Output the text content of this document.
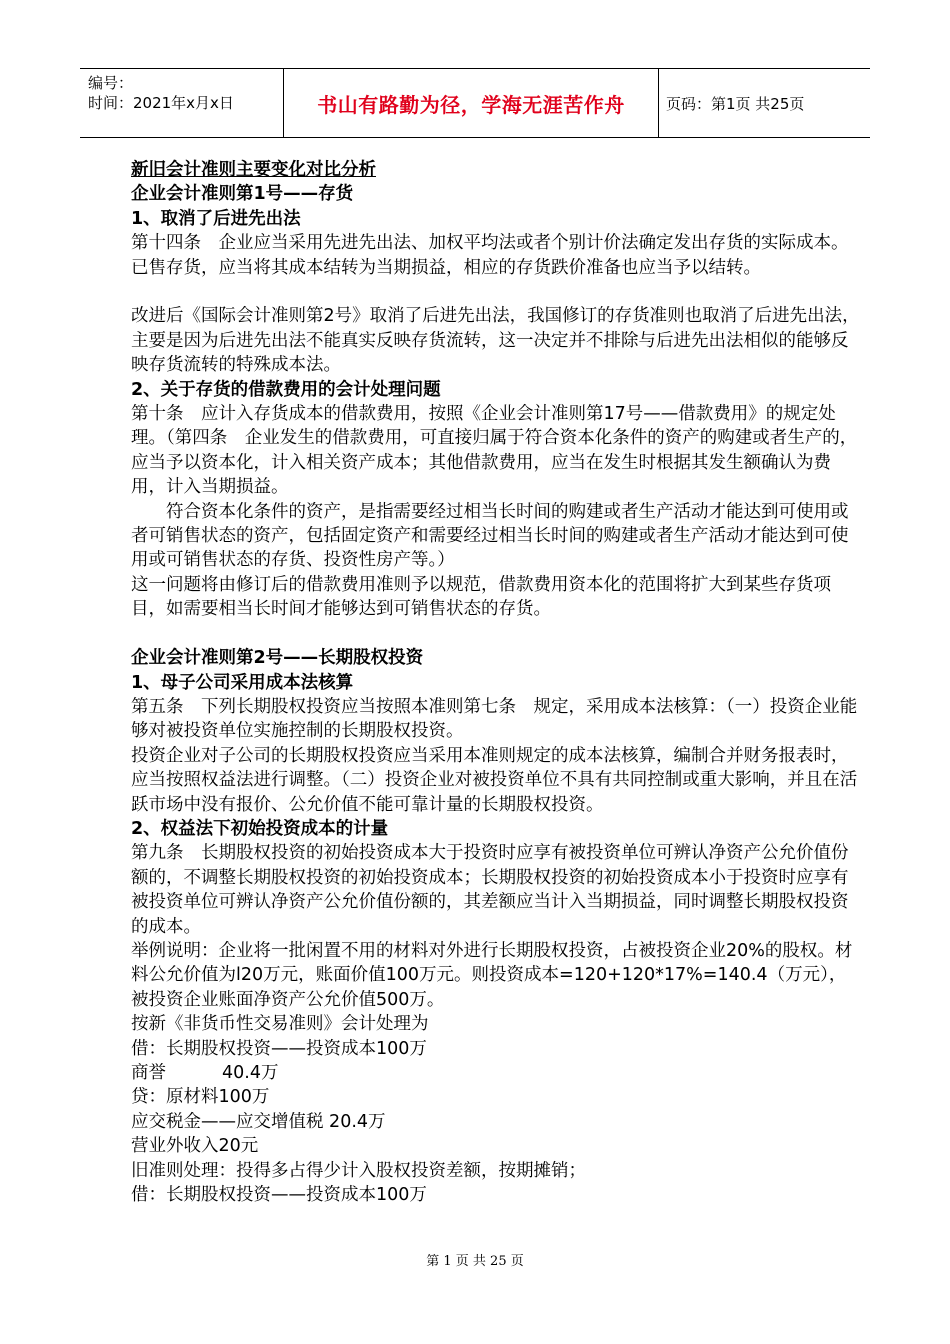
编号：
时间：2021年x月x日	书山有路勤为径，学海无涯苦作舟	页码：第1页 共25页

新旧会计准则主要变化对比分析

企业会计准则第1号——存货

1、取消了后进先出法

第十四条　企业应当采用先进先出法、加权平均法或者个别计价法确定发出存货的实际成本。已售存货，应当将其成本结转为当期损益，相应的存货跌价准备也应当予以结转。

改进后《国际会计准则第2号》取消了后进先出法，我国修订的存货准则也取消了后进先出法，主要是因为后进先出法不能真实反映存货流转，这一决定并不排除与后进先出法相似的能够反映存货流转的特殊成本法。

2、关于存货的借款费用的会计处理问题

第十条　应计入存货成本的借款费用，按照《企业会计准则第17号——借款费用》的规定处理。（第四条　企业发生的借款费用，可直接归属于符合资本化条件的资产的购建或者生产的，应当予以资本化，计入相关资产成本；其他借款费用，应当在发生时根据其发生额确认为费用，计入当期损益。

符合资本化条件的资产，是指需要经过相当长时间的购建或者生产活动才能达到可使用或者可销售状态的资产，包括固定资产和需要经过相当长时间的购建或者生产活动才能达到可使用或可销售状态的存货、投资性房产等。）

这一问题将由修订后的借款费用准则予以规范，借款费用资本化的范围将扩大到某些存货项目，如需要相当长时间才能够达到可销售状态的存货。

企业会计准则第2号——长期股权投资

1、母子公司采用成本法核算

第五条　下列长期股权投资应当按照本准则第七条　规定，采用成本法核算：（一）投资企业能够对被投资单位实施控制的长期股权投资。

投资企业对子公司的长期股权投资应当采用本准则规定的成本法核算，编制合并财务报表时，应当按照权益法进行调整。（二）投资企业对被投资单位不具有共同控制或重大影响，并且在活跃市场中没有报价、公允价值不能可靠计量的长期股权投资。

2、权益法下初始投资成本的计量

第九条　长期股权投资的初始投资成本大于投资时应享有被投资单位可辨认净资产公允价值份额的，不调整长期股权投资的初始投资成本；长期股权投资的初始投资成本小于投资时应享有被投资单位可辨认净资产公允价值份额的，其差额应当计入当期损益，同时调整长期股权投资的成本。

举例说明：企业将一批闲置不用的材料对外进行长期股权投资，占被投资企业20%的股权。材料公允价值为l20万元，账面价值100万元。则投资成本=120+120*17%=140.4（万元），被投资企业账面净资产公允价值500万。

按新《非货币性交易准则》会计处理为

借：长期股权投资——投资成本100万

商誉	40.4万

贷：原材料100万

应交税金——应交增值税 20.4万

营业外收入20元

旧准则处理：投得多占得少计入股权投资差额，按期摊销；

借：长期股权投资——投资成本100万

第 1 页 共 25 页
